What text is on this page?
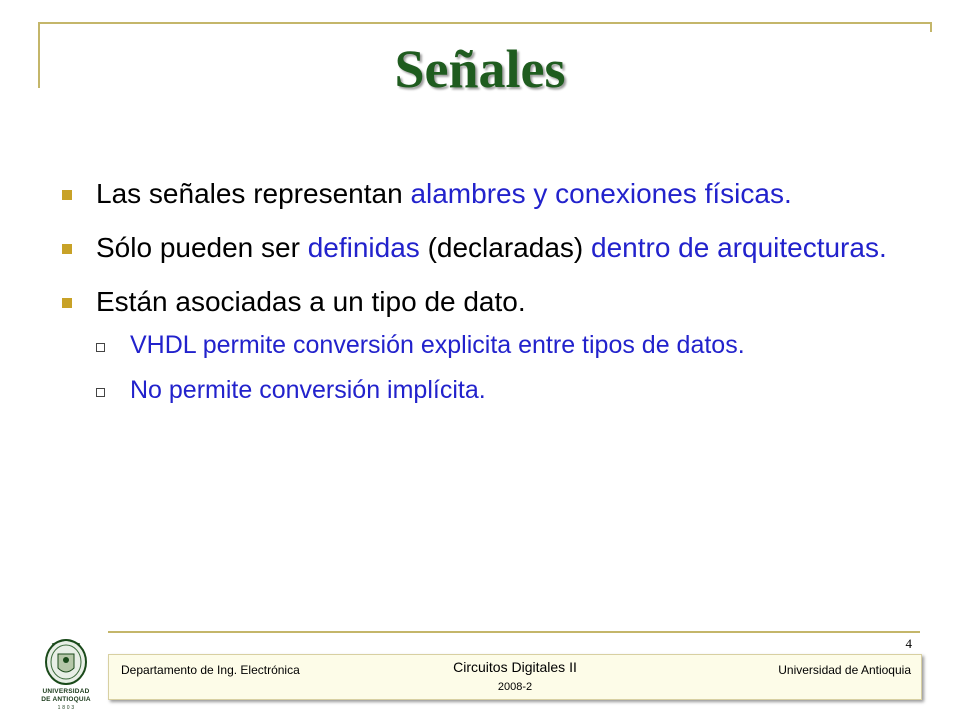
Señales
Las señales representan alambres y conexiones físicas.
Sólo pueden ser definidas (declaradas) dentro de arquitecturas.
Están asociadas a un tipo de dato.
VHDL permite conversión explicita entre tipos de datos.
No permite conversión implícita.
UNIVERSIDAD
DE ANTIOQUIA
1 8 0 3
4
Departamento de Ing. Electrónica	Circuitos Digitales II
2008-2
Universidad de Antioquia
